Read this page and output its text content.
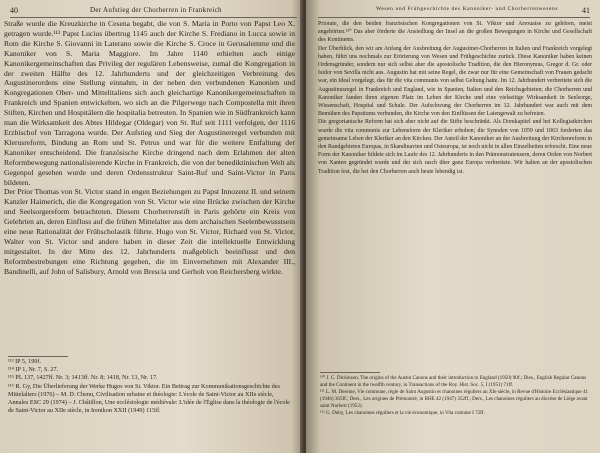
40	Der Aufstieg der Chorherren in Frankreich

Straße wurde die Kreuzkirche in Cesena begabt, die von S. Maria in Porto von Papst Leo X. getragen wurde.¹¹³ Papst Lucius übertrug 1145 auch der Kirche S. Frediano in Lucca sowie in Rom die Kirche S. Giovanni in Laterano sowie die Kirche S. Croce in Gerusalemme und die Kanoniker von S. Maria Maggiore. Im Jahre 1140 erhielten auch einige Kanonikergemeinschaften das Privileg der regulären Lebensweise, zumal die Kongregation in der zweiten Hälfte des 12. Jahrhunderts und der gleichzeitigen Verbreitung des Augustinerordens eine Stellung einnahm, in der neben den verbundenen Kanonien und Kongregationen Ober- und Mittelitaliens sich auch gleichartige Kanonikergemeinschaften in Frankreich und Spanien entwickelten, wo sich an die Pilgerwege nach Compostella mit ihren Stiften, Kirchen und Hospitälern die hospitalia betreuten. In Spanien wie in Südfrankreich kann man die Wirksamkeit des Abtes Hildegar (Oldegar) von St. Ruf seit 1111 verfolgen, der 1116 Erzbischof von Tarragona wurde. Der Aufstieg und Sieg der Augustinerregel verbunden mit Klerusreform, Bindung an Rom und St. Petrus und war für die weitere Entfaltung der Kanoniker entscheidend. Die französische Kirche dringend nach dem Erlahmen der alten Reformbewegung nationalisierende Kirche in Frankreich, die von der benediktinischen Welt als Gegenpol gesehen wurde und deren Ordensstruktur Saint-Ruf und Saint-Victor in Paris bildeten.

Der Prior Thomas von St. Victor stand in engen Beziehungen zu Papst Innozenz II. und seinem Kanzler Haimerich, die die Kongregation von St. Victor wie eine Brücke zwischen der Kirche und Seelsorgereform betrachteten. Diesem Chorherrenstift in Paris gehörte ein Kreis von Gelehrten an, deren Einfluss auf die frühen Mittelalter aus dem archaischen Seelenbewusstsein eine neue Rationalität der Frühscholastik führte. Hugo von St. Victor, Richard von St. Victor, Walter von St. Victor und andere haben in dieser Zeit die intellektuelle Entwicklung mitgestaltet. In der Mitte des 12. Jahrhunderts maßgeblich beeinflusst und den Reformbestrebungen eine Richtung gegeben, die im Einvernehmen mit Alexander III., Bandinelli, auf John of Salisbury, Arnold von Brescia und Gerhoh von Reichersberg wirkte.

¹¹³ IP 5, 199f.

¹¹⁴ IP 1, Nr. 7, S. 27.

¹¹⁵ PL 137, 1427ff. Nr. 3; 1413ff. Nr. 8; 1418, Nr. 13, Nr. 17.

¹¹⁶ R. Gy, Die Überlieferung der Werke Hugos von St. Viktor. Ein Beitrag zur Kommunikationsgeschichte des Mittelalters (1976) – M. D. Chenu, Civilisation urbaine et théologie: L'école de Saint-Victor au XIIe siècle, Annales ESC 29 (1974) – J. Châtillon, Une ecclésiologie médiévale: L'idée de l'Église dans la théologie de l'école de Saint-Victor au XIIe siècle, in Irenikon XXII (1949) 115ff.

Wesen und Frühgeschichte des Kanoniker- und Chorherrenwesens	41

Priorate, die den beiden französischen Kongregationen von St. Viktor und Arrouaise zu gehören, meist angehörten.¹²⁰ Das aber förderte die Ansiedlung der Insel an die großen Bewegungen in Kirche und Gesellschaft des Kontinents.

Der Überblick, den wir am Anfang der Ausbreitung der Augustiner-Chorherren in Italien und Frankreich vorgelegt haben, führt uns nochmals zur Erörterung von Wesen und Frühgeschichte zurück. Diese Kanoniker haben keinen Ordensgründer, sondern nur sich selbst aber die apostolische Tradition, die den Hieronymus, Gregor d. Gr. oder Isidor von Sevilla nicht aus. Augustin hat mit seine Regel, die zwar nur für eine Gemeinschaft von Frauen gedacht war, ein Ideal vorgelegt, das für die vita communis von selbst Geltung hatte. Im 12. Jahrhundert verbreitete sich die Augustinusregel in Frankreich und England, wie in Spanien, Italien und den Reichsgebieten; die Chorherren und Kanoniker fanden ihren eigenen Platz im Leben der Kirche und eine vielseitige Wirksamkeit in Seelsorge, Wissenschaft, Hospital und Schule. Der Aufschwung der Chorherren im 12. Jahrhundert war auch mit dem Bemühen des Papsttums verbunden, die Kirche von den Einflüssen der Laiengewalt zu befreien.

Die gregorianische Reform hat sich aber nicht auf die Stifte beschränkt. Als Domkapitel und bei Kollegiatkirchen wurde die vita communis zur Lebensform der Kleriker erhoben; die Synoden von 1059 und 1063 forderten das gemeinsame Leben der Kleriker an den Kirchen. Der Anteil der Kanoniker an der Ausbreitung der Kirchenreform in den Randgebieten Europas, in Skandinavien und Osteuropa, ist noch nicht in allen Einzelheiten erforscht. Eine neue Form der Kanoniker bildete sich im Laufe des 12. Jahrhunderts in den Prämonstratensern, deren Orden von Norbert von Xanten gegründet wurde und der sich rasch über ganz Europa verbreitete. Wir halten an der apostolischen Tradition fest, die bei den Chorherren auch heute lebendig ist.

¹²⁰ J. C. Dickinson, The origins of the Austin Canons and their introduction to England (1950) 90f.; Dies., English Regular Canons and the Continent in the twelfth century, in Transactions of the Roy. Hist. Soc. 5, I (1951) 71ff.

¹²¹ L. M. Dereine, Vie commune, règle de Saint Augustin et chanoines réguliers au XIe siècle, in Revue d'Histoire Ecclésiastique 41 (1946) 365ff.; Ders., Les origines de Prémontré, in RHE 42 (1947) 352ff.; Ders., Les chanoines réguliers au diocèse de Liège avant saint Norbert (1952).

¹²² G. Duby, Les chanoines réguliers et la vie économique, in Vita comune I 72ff.
